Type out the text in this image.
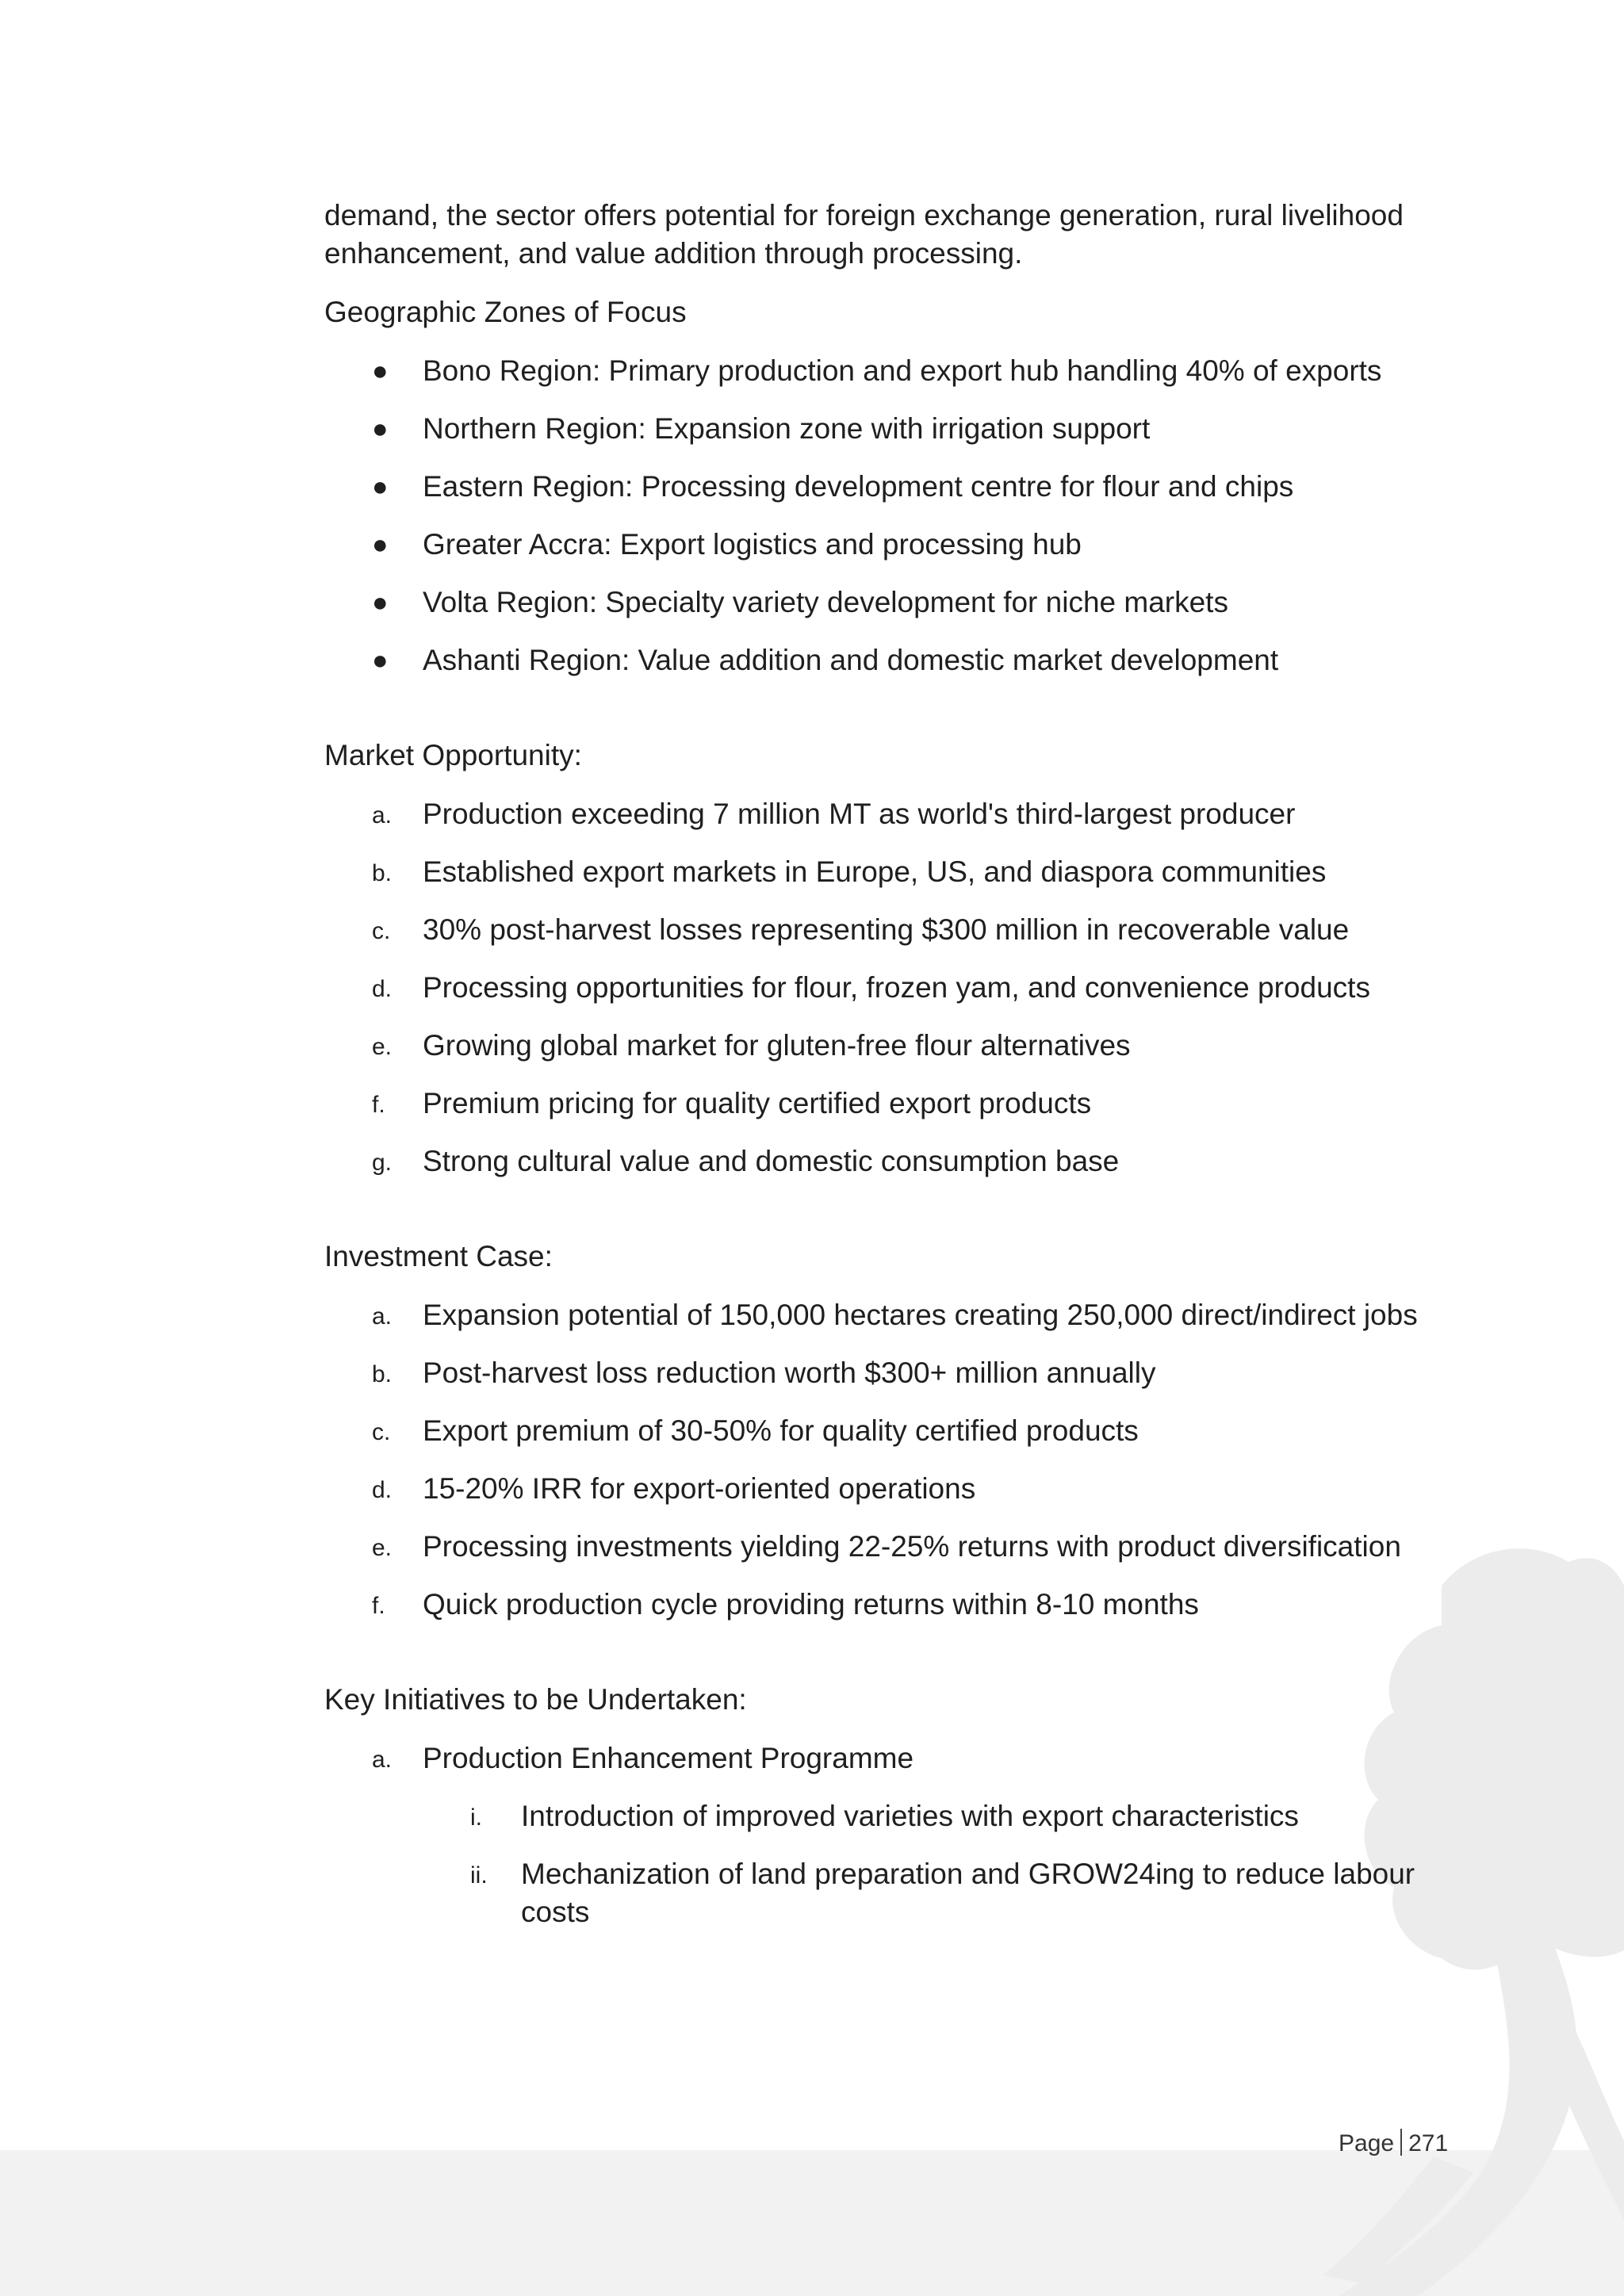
demand, the sector offers potential for foreign exchange generation, rural livelihood enhancement, and value addition through processing.

Geographic Zones of Focus
● Bono Region: Primary production and export hub handling 40% of exports
● Northern Region: Expansion zone with irrigation support
● Eastern Region: Processing development centre for flour and chips
● Greater Accra: Export logistics and processing hub
● Volta Region: Specialty variety development for niche markets
● Ashanti Region: Value addition and domestic market development
Market Opportunity:
a. Production exceeding 7 million MT as world's third-largest producer
b. Established export markets in Europe, US, and diaspora communities
c. 30% post-harvest losses representing $300 million in recoverable value
d. Processing opportunities for flour, frozen yam, and convenience products
e. Growing global market for gluten-free flour alternatives
f. Premium pricing for quality certified export products
g. Strong cultural value and domestic consumption base
Investment Case:
a. Expansion potential of 150,000 hectares creating 250,000 direct/indirect jobs
b. Post-harvest loss reduction worth $300+ million annually
c. Export premium of 30-50% for quality certified products
d. 15-20% IRR for export-oriented operations
e. Processing investments yielding 22-25% returns with product diversification
f. Quick production cycle providing returns within 8-10 months
Key Initiatives to be Undertaken:
a. Production Enhancement Programme
i. Introduction of improved varieties with export characteristics
ii. Mechanization of land preparation and GROW24ing to reduce labour costs
Page 271
